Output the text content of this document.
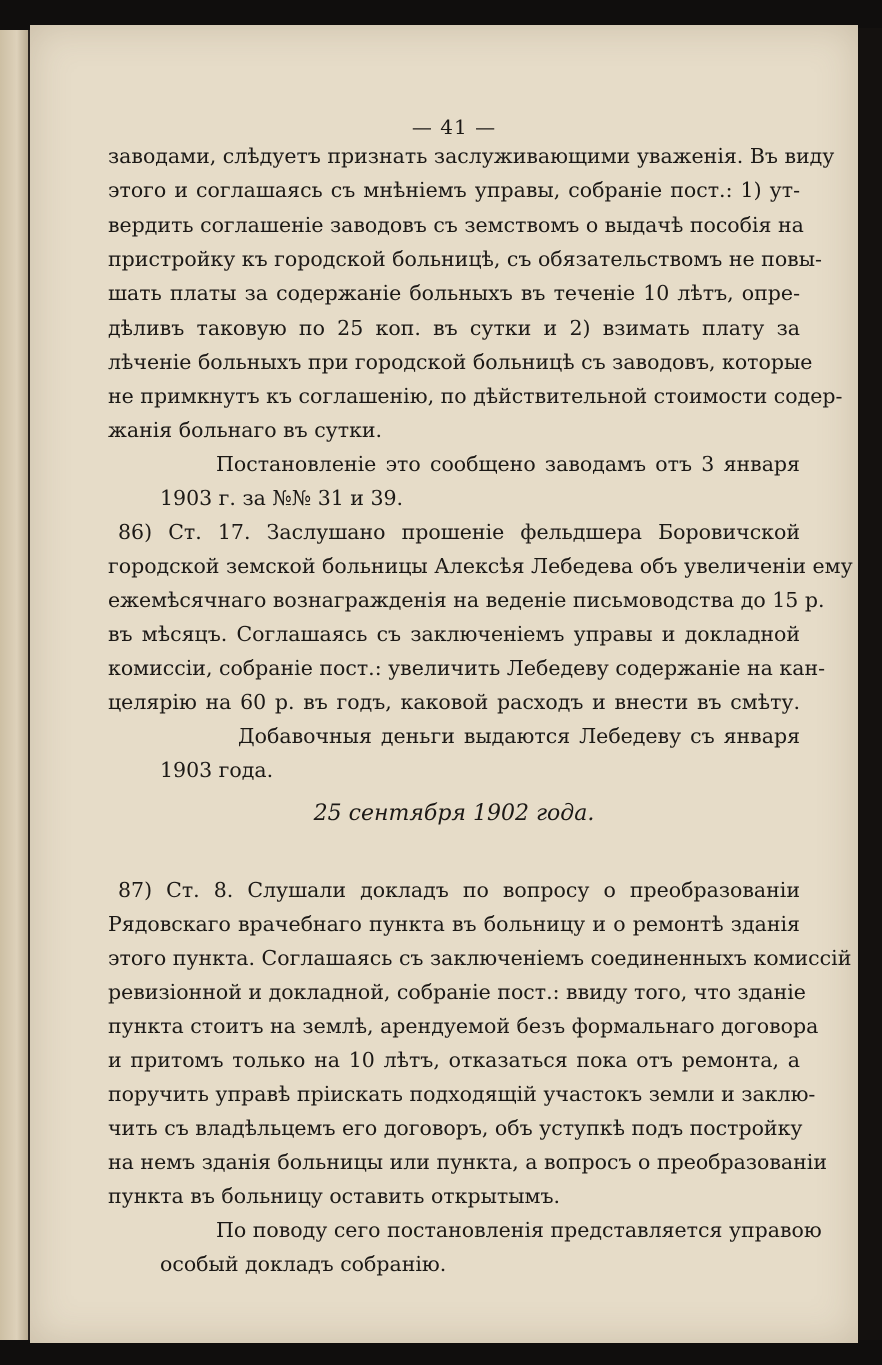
— 41 —
заводами, слѣдуетъ признать заслуживающими уваженія. Въ виду
этого и соглашаясь съ мнѣніемъ управы, собраніе пост.: 1) ут-
вердить соглашеніе заводовъ съ земствомъ о выдачѣ пособія на
пристройку къ городской больницѣ, съ обязательствомъ не повы-
шать платы за содержаніе больныхъ въ теченіе 10 лѣтъ, опре-
дѣливъ таковую по 25 коп. въ сутки и 2) взимать плату за
лѣченіе больныхъ при городской больницѣ съ заводовъ, которые
не примкнутъ къ соглашенію, по дѣйствительной стоимости содер-
жанія больнаго въ сутки.
Постановленіе это сообщено заводамъ отъ 3 января
1903 г. за №№ 31 и 39.
86) Ст. 17. Заслушано прошеніе фельдшера Боровичской
городской земской больницы Алексѣя Лебедева объ увеличеніи ему
ежемѣсячнаго вознагражденія на веденіе письмоводства до 15 р.
въ мѣсяцъ. Соглашаясь съ заключеніемъ управы и докладной
комиссіи, собраніе пост.: увеличить Лебедеву содержаніе на кан-
целярію на 60 р. въ годъ, каковой расходъ и внести въ смѣту.
Добавочныя деньги выдаются Лебедеву съ января
1903 года.
25 сентября 1902 года.
87) Ст. 8. Слушали докладъ по вопросу о преобразованіи
Рядовскаго врачебнаго пункта въ больницу и о ремонтѣ зданія
этого пункта. Соглашаясь съ заключеніемъ соединенныхъ комиссій
ревизіонной и докладной, собраніе пост.: ввиду того, что зданіе
пункта стоитъ на землѣ, арендуемой безъ формальнаго договора
и притомъ только на 10 лѣтъ, отказаться пока отъ ремонта, а
поручить управѣ пріискать подходящій участокъ земли и заклю-
чить съ владѣльцемъ его договоръ, объ уступкѣ подъ постройку
на немъ зданія больницы или пункта, а вопросъ о преобразованіи
пункта въ больницу оставить открытымъ.
По поводу сего постановленія представляется управою
особый докладъ собранію.
